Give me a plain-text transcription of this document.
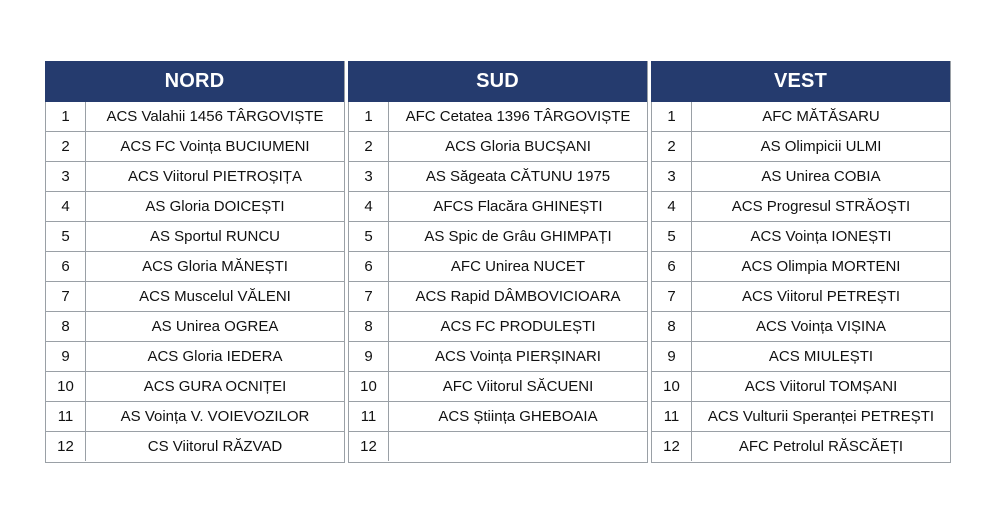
NORD
1	ACS Valahii 1456 TÂRGOVIȘTE
2	ACS FC Voința BUCIUMENI
3	ACS Viitorul PIETROȘIȚA
4	AS Gloria DOICEȘTI
5	AS Sportul RUNCU
6	ACS Gloria MĂNEȘTI
7	ACS Muscelul VĂLENI
8	AS Unirea OGREA
9	ACS Gloria IEDERA
10	ACS GURA OCNIȚEI
11	AS Voința V. VOIEVOZILOR
12	CS Viitorul RĂZVAD
SUD
1	AFC Cetatea 1396 TÂRGOVIȘTE
2	ACS Gloria BUCȘANI
3	AS Săgeata CĂTUNU 1975
4	AFCS Flacăra GHINEȘTI
5	AS Spic de Grâu GHIMPAȚI
6	AFC Unirea NUCET
7	ACS Rapid DÂMBOVICIOARA
8	ACS FC PRODULEȘTI
9	ACS Voința PIERȘINARI
10	AFC Viitorul SĂCUENI
11	ACS Știința GHEBOAIA
12
VEST
1	AFC MĂTĂSARU
2	AS Olimpicii ULMI
3	AS Unirea COBIA
4	ACS Progresul STRĂOȘTI
5	ACS Voința IONEȘTI
6	ACS Olimpia MORTENI
7	ACS Viitorul PETREȘTI
8	ACS Voința VIȘINA
9	ACS MIULEȘTI
10	ACS Viitorul TOMȘANI
11	ACS Vulturii Speranței PETREȘTI
12	AFC Petrolul RĂSCĂEȚI
